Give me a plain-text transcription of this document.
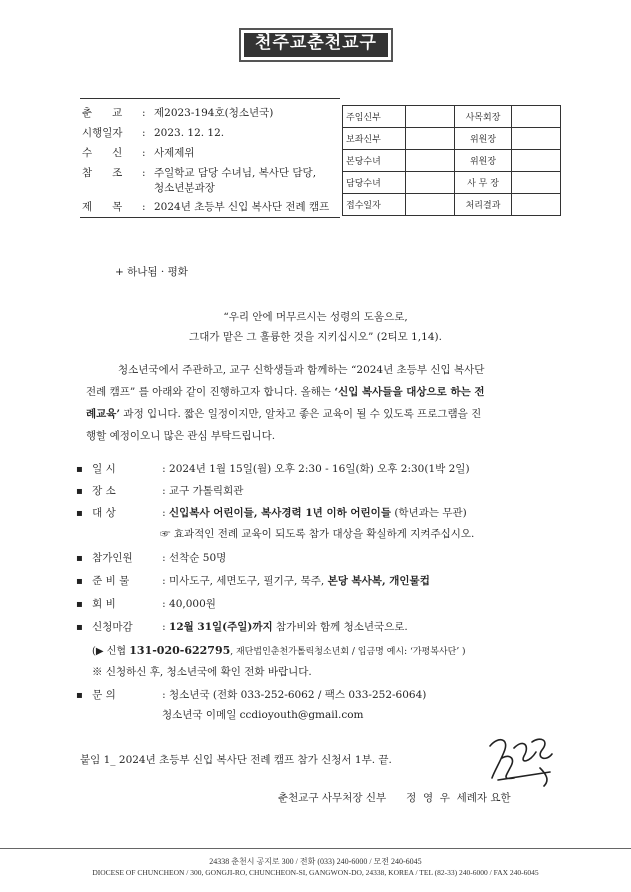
천주교춘천교구
춘      교 : 제2023-194호(청소년국)
시행일자 : 2023. 12. 12.
수      신 : 사제제위
참      조 : 주일학교 담당 수녀님, 복사단 담당,
청소년분과장
제      목 : 2024년 초등부 신입 복사단 전례 캠프
주임신부		사목회장	
보좌신부		위원장	
본당수녀		위원장	
담당수녀		사 무 장	
접수일자		처리결과	
+ 하나됨 · 평화
“우리 안에 머무르시는 성령의 도움으로,
그대가 맡은 그 훌륭한 것을 지키십시오” (2티모 1,14).
청소년국에서 주관하고, 교구 신학생들과 함께하는 “2024년 초등부 신입 복사단
전례 캠프” 를 아래와 같이 진행하고자 합니다. 올해는 ‘신입 복사들을 대상으로 하는 전
례교육’ 과정 입니다. 짧은 일정이지만, 알차고 좋은 교육이 될 수 있도록 프로그램을 진
행할 예정이오니 많은 관심 부탁드립니다.
▪ 일 시	: 2024년 1월 15일(월) 오후 2:30 - 16일(화) 오후 2:30(1박 2일)
▪ 장 소	: 교구 가톨릭회관
▪ 대 상	: 신입복사 어린이들, 복사경력 1년 이하 어린이들 (학년과는 무관)
☞ 효과적인 전례 교육이 되도록 참가 대상을 확실하게 지켜주십시오.
▪ 참가인원	: 선착순 50명
▪ 준 비 물	: 미사도구, 세면도구, 필기구, 묵주, 본당 복사복, 개인물컵
▪ 회 비	: 40,000원
▪ 신청마감	: 12월 31일(주일)까지 참가비와 함께 청소년국으로.
(▶ 신협 131-020-622795, 재단법인춘천가톨릭청소년회 / 입금명 예시: ‘가평복사단’ )
※ 신청하신 후, 청소년국에 확인 전화 바랍니다.
▪ 문 의	: 청소년국 (전화 033-252-6062 / 팩스 033-252-6064)
청소년국 이메일 ccdioyouth@gmail.com
붙임 1_ 2024년 초등부 신입 복사단 전례 캠프 참가 신청서 1부. 끝.
춘천교구 사무처장 신부      정  영  우  세례자 요한
24338 춘천시 공지로 300 / 전화 (033) 240-6000 / 모전 240-6045
DIOCESE OF CHUNCHEON / 300, GONGJI-RO, CHUNCHEON-SI, GANGWON-DO, 24338, KOREA / TEL (82-33) 240-6000 / FAX 240-6045
